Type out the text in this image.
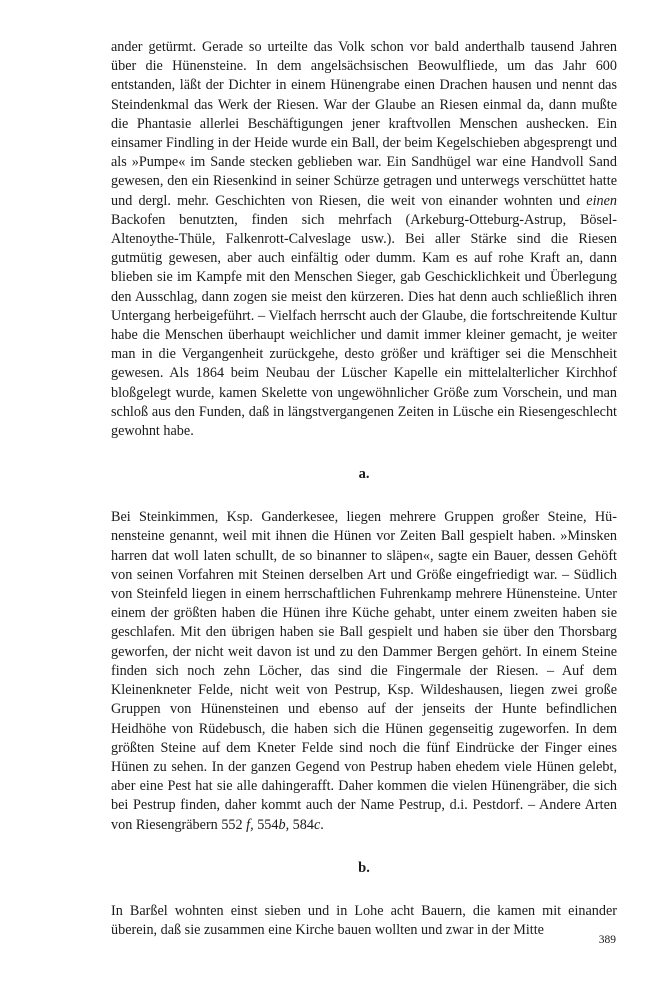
ander getürmt. Gerade so urteilte das Volk schon vor bald anderthalb tausend Jahren über die Hünensteine. In dem angelsächsischen Beowulfliede, um das Jahr 600 entstanden, läßt der Dichter in einem Hünengrabe einen Drachen hausen und nennt das Steindenkmal das Werk der Riesen. War der Glaube an Riesen einmal da, dann mußte die Phantasie allerlei Beschäftigungen jener kraftvollen Menschen aushecken. Ein einsamer Findling in der Heide wurde ein Ball, der beim Kegelschieben abgesprengt und als »Pumpe« im Sande stecken geblieben war. Ein Sandhügel war eine Handvoll Sand gewesen, den ein Riesenkind in seiner Schürze getragen und unterwegs verschüttet hatte und dergl. mehr. Geschichten von Riesen, die weit von einander wohnten und einen Backofen benutzten, finden sich mehrfach (Arkeburg-Otteburg-Astrup, Bösel-Altenoythe-Thüle, Falkenrott-Calveslage usw.). Bei aller Stärke sind die Riesen gutmütig gewesen, aber auch einfältig oder dumm. Kam es auf rohe Kraft an, dann blieben sie im Kampfe mit den Menschen Sieger, gab Geschicklichkeit und Überlegung den Ausschlag, dann zogen sie meist den kürzeren. Dies hat denn auch schließlich ihren Untergang herbeigeführt. – Vielfach herrscht auch der Glaube, die fortschreitende Kultur habe die Menschen überhaupt weichlicher und damit immer kleiner gemacht, je weiter man in die Vergangenheit zurückgehe, desto größer und kräftiger sei die Menschheit gewesen. Als 1864 beim Neubau der Lüscher Kapelle ein mittelalterlicher Kirchhof bloßgelegt wurde, kamen Skelette von ungewöhnlicher Größe zum Vorschein, und man schloß aus den Funden, daß in längstvergangenen Zeiten in Lüsche ein Riesengeschlecht gewohnt habe.

a.

Bei Steinkimmen, Ksp. Ganderkesee, liegen mehrere Gruppen großer Steine, Hünensteine genannt, weil mit ihnen die Hünen vor Zeiten Ball gespielt haben. »Minsken harren dat woll laten schullt, de so binanner to släpen«, sagte ein Bauer, dessen Gehöft von seinen Vorfahren mit Steinen derselben Art und Größe eingefriedigt war. – Südlich von Steinfeld liegen in einem herrschaftlichen Fuhrenkamp mehrere Hünensteine. Unter einem der größten haben die Hünen ihre Küche gehabt, unter einem zweiten haben sie geschlafen. Mit den übrigen haben sie Ball gespielt und haben sie über den Thorsbarg geworfen, der nicht weit davon ist und zu den Dammer Bergen gehört. In einem Steine finden sich noch zehn Löcher, das sind die Fingermale der Riesen. – Auf dem Kleinenkneter Felde, nicht weit von Pestrup, Ksp. Wildeshausen, liegen zwei große Gruppen von Hünensteinen und ebenso auf der jenseits der Hunte befindlichen Heidhöhe von Rüdebusch, die haben sich die Hünen gegenseitig zugeworfen. In dem größten Steine auf dem Kneter Felde sind noch die fünf Eindrücke der Finger eines Hünen zu sehen. In der ganzen Gegend von Pestrup haben ehedem viele Hünen gelebt, aber eine Pest hat sie alle dahingerafft. Daher kommen die vielen Hünengräber, die sich bei Pestrup finden, daher kommt auch der Name Pestrup, d.i. Pestdorf. – Andere Arten von Riesengräbern 552 f, 554b, 584c.

b.

In Barßel wohnten einst sieben und in Lohe acht Bauern, die kamen mit einander überein, daß sie zusammen eine Kirche bauen wollten und zwar in der Mitte

389
